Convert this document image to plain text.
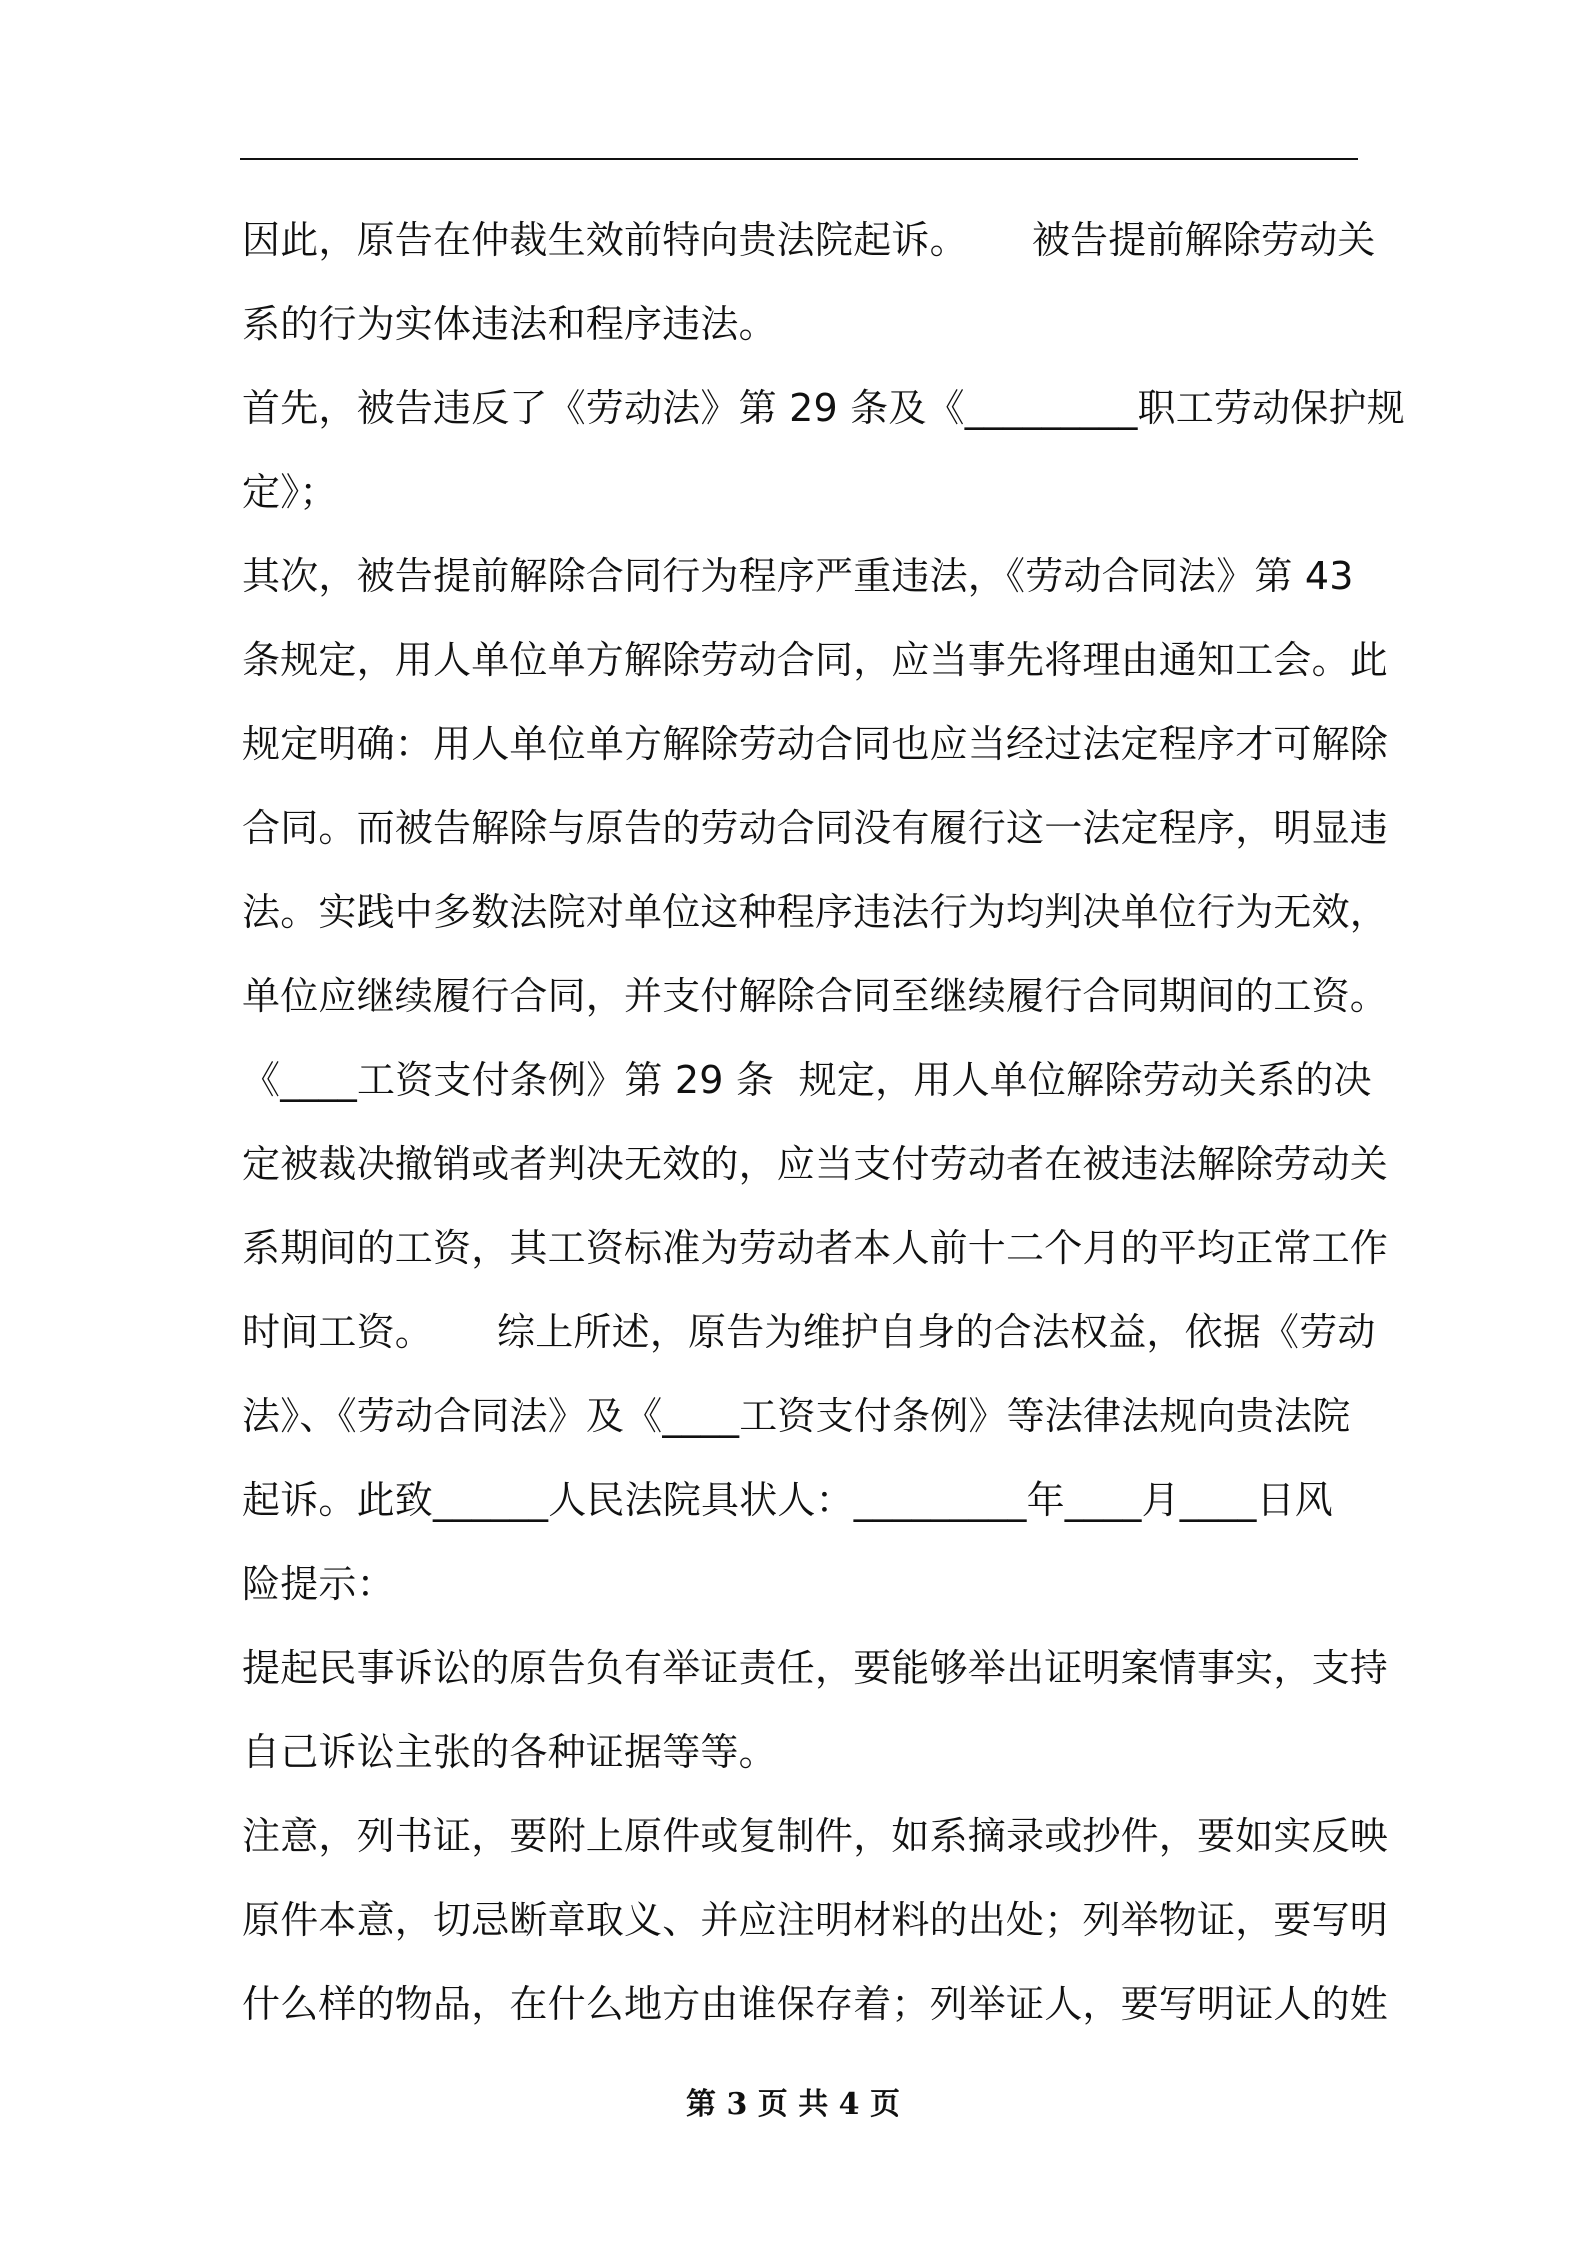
因此，原告在仲裁生效前特向贵法院起诉。 被告提前解除劳动关
系的行为实体违法和程序违法。
首先，被告违反了《劳动法》第 29 条及《_________职工劳动保护规
定》；
其次，被告提前解除合同行为程序严重违法，《劳动合同法》第 43
条规定，用人单位单方解除劳动合同，应当事先将理由通知工会。此
规定明确：用人单位单方解除劳动合同也应当经过法定程序才可解除
合同。而被告解除与原告的劳动合同没有履行这一法定程序，明显违
法。实践中多数法院对单位这种程序违法行为均判决单位行为无效，
单位应继续履行合同，并支付解除合同至继续履行合同期间的工资。
《____工资支付条例》第 29 条  规定，用人单位解除劳动关系的决
定被裁决撤销或者判决无效的，应当支付劳动者在被违法解除劳动关
系期间的工资，其工资标准为劳动者本人前十二个月的平均正常工作
时间工资。 综上所述，原告为维护自身的合法权益，依据《劳动
法》、《劳动合同法》及《____工资支付条例》等法律法规向贵法院
起诉。此致______人民法院具状人：_________年____月____日风
险提示：
提起民事诉讼的原告负有举证责任，要能够举出证明案情事实，支持
自己诉讼主张的各种证据等等。
注意，列书证，要附上原件或复制件，如系摘录或抄件，要如实反映
原件本意，切忌断章取义、并应注明材料的出处；列举物证，要写明
什么样的物品，在什么地方由谁保存着；列举证人，要写明证人的姓
第 3 页 共 4 页
